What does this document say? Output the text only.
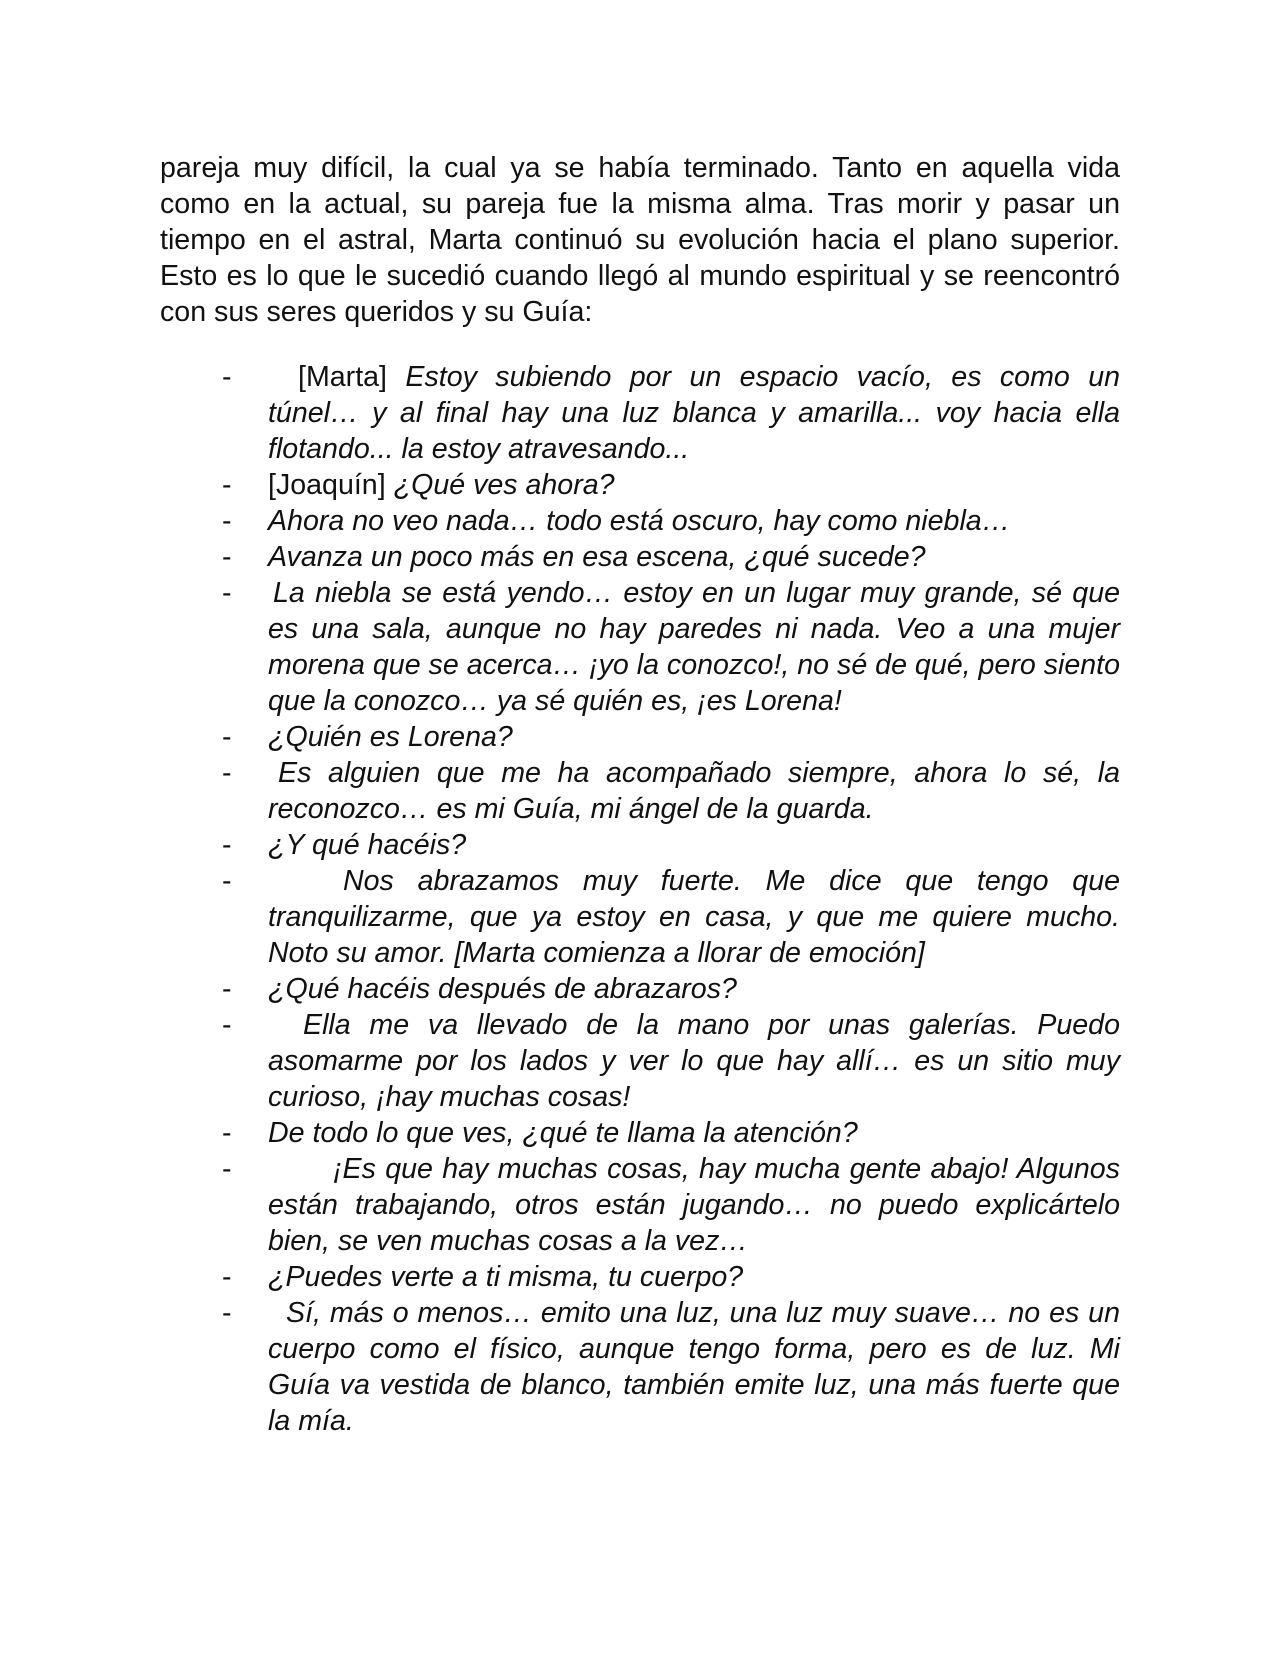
pareja muy difícil, la cual ya se había terminado. Tanto en aquella vida como en la actual, su pareja fue la misma alma. Tras morir y pasar un tiempo en el astral, Marta continuó su evolución hacia el plano superior. Esto es lo que le sucedió cuando llegó al mundo espiritual y se reencontró con sus seres queridos y su Guía:

- [Marta] Estoy subiendo por un espacio vacío, es como un túnel… y al final hay una luz blanca y amarilla... voy hacia ella flotando... la estoy atravesando...
- [Joaquín] ¿Qué ves ahora?
- Ahora no veo nada… todo está oscuro, hay como niebla…
- Avanza un poco más en esa escena, ¿qué sucede?
- La niebla se está yendo… estoy en un lugar muy grande, sé que es una sala, aunque no hay paredes ni nada. Veo a una mujer morena que se acerca… ¡yo la conozco!, no sé de qué, pero siento que la conozco… ya sé quién es, ¡es Lorena!
- ¿Quién es Lorena?
- Es alguien que me ha acompañado siempre, ahora lo sé, la reconozco… es mi Guía, mi ángel de la guarda.
- ¿Y qué hacéis?
-	Nos abrazamos muy fuerte. Me dice que tengo que tranquilizarme, que ya estoy en casa, y que me quiere mucho. Noto su amor. [Marta comienza a llorar de emoción]
- ¿Qué hacéis después de abrazaros?
- Ella me va llevado de la mano por unas galerías. Puedo asomarme por los lados y ver lo que hay allí… es un sitio muy curioso, ¡hay muchas cosas!
- De todo lo que ves, ¿qué te llama la atención?
-	¡Es que hay muchas cosas, hay mucha gente abajo! Algunos están trabajando, otros están jugando… no puedo explicártelo bien, se ven muchas cosas a la vez…
- ¿Puedes verte a ti misma, tu cuerpo?
- Sí, más o menos… emito una luz, una luz muy suave… no es un cuerpo como el físico, aunque tengo forma, pero es de luz. Mi Guía va vestida de blanco, también emite luz, una más fuerte que la mía.
